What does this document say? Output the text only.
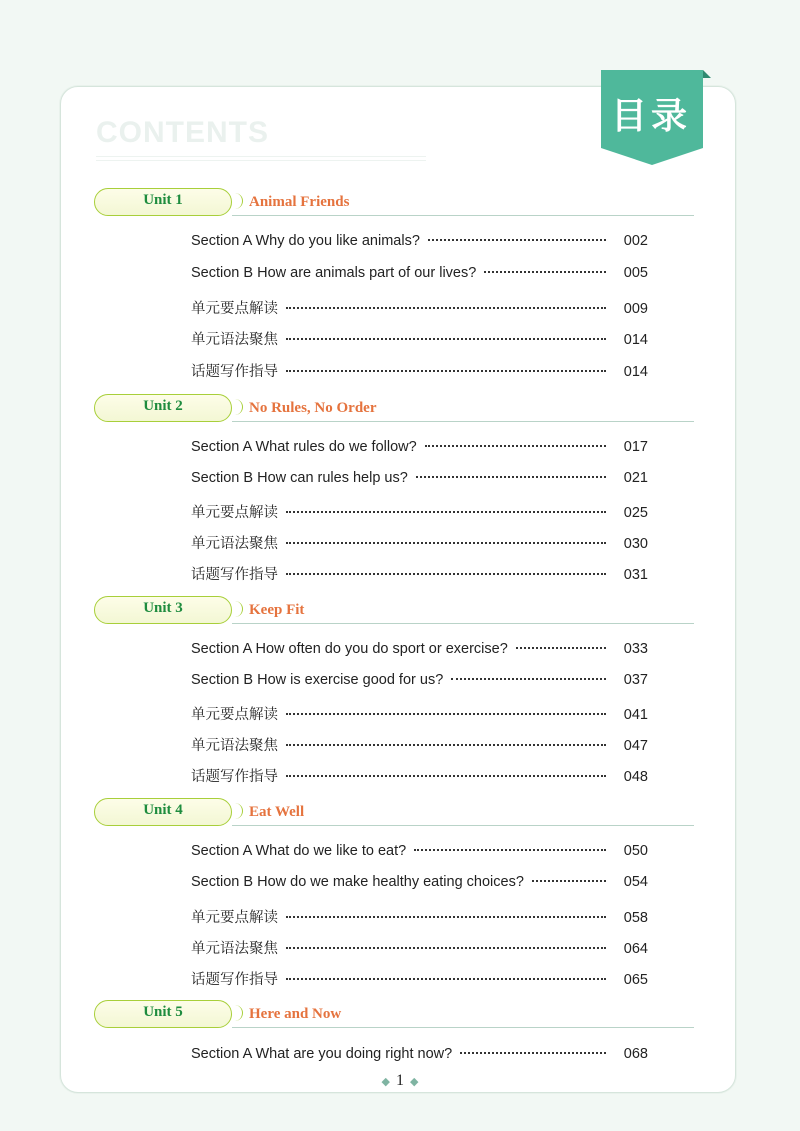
CONTENTS	目录
Unit 1	Animal Friends
Section A Why do you like animals?	002
Section B How are animals part of our lives?	005
单元要点解读	009
单元语法聚焦	014
话题写作指导	014
Unit 2	No Rules, No Order
Section A What rules do we follow?	017
Section B How can rules help us?	021
单元要点解读	025
单元语法聚焦	030
话题写作指导	031
Unit 3	Keep Fit
Section A How often do you do sport or exercise?	033
Section B How is exercise good for us?	037
单元要点解读	041
单元语法聚焦	047
话题写作指导	048
Unit 4	Eat Well
Section A What do we like to eat?	050
Section B How do we make healthy eating choices?	054
单元要点解读	058
单元语法聚焦	064
话题写作指导	065
Unit 5	Here and Now
Section A What are you doing right now?	068
◆ 1 ◆
